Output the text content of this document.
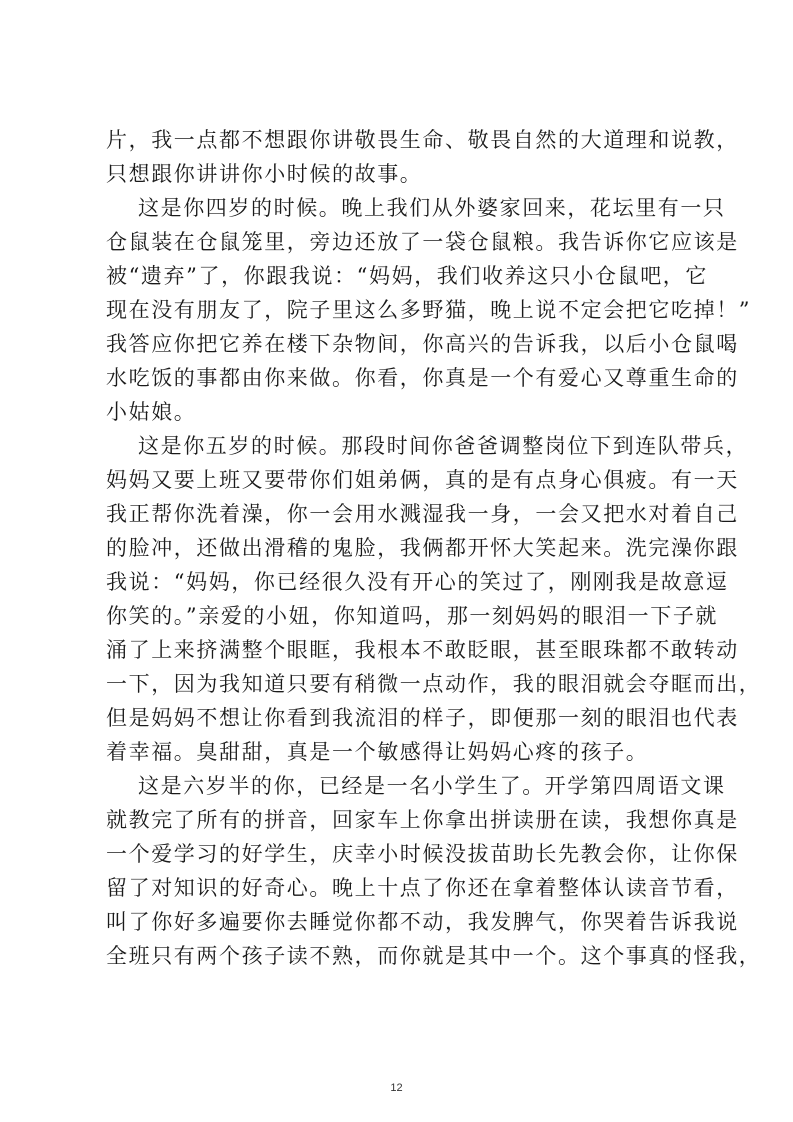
片，我一点都不想跟你讲敬畏生命、敬畏自然的大道理和说教，
只想跟你讲讲你小时候的故事。
这是你四岁的时候。晚上我们从外婆家回来，花坛里有一只
仓鼠装在仓鼠笼里，旁边还放了一袋仓鼠粮。我告诉你它应该是
被“遗弃”了，你跟我说：“妈妈，我们收养这只小仓鼠吧，它
现在没有朋友了，院子里这么多野猫，晚上说不定会把它吃掉！”
我答应你把它养在楼下杂物间，你高兴的告诉我，以后小仓鼠喝
水吃饭的事都由你来做。你看，你真是一个有爱心又尊重生命的
小姑娘。
这是你五岁的时候。那段时间你爸爸调整岗位下到连队带兵，
妈妈又要上班又要带你们姐弟俩，真的是有点身心俱疲。有一天
我正帮你洗着澡，你一会用水溅湿我一身，一会又把水对着自己
的脸冲，还做出滑稽的鬼脸，我俩都开怀大笑起来。洗完澡你跟
我说：“妈妈，你已经很久没有开心的笑过了，刚刚我是故意逗
你笑的。”亲爱的小妞，你知道吗，那一刻妈妈的眼泪一下子就
涌了上来挤满整个眼眶，我根本不敢眨眼，甚至眼珠都不敢转动
一下，因为我知道只要有稍微一点动作，我的眼泪就会夺眶而出，
但是妈妈不想让你看到我流泪的样子，即便那一刻的眼泪也代表
着幸福。臭甜甜，真是一个敏感得让妈妈心疼的孩子。
这是六岁半的你，已经是一名小学生了。开学第四周语文课
就教完了所有的拼音，回家车上你拿出拼读册在读，我想你真是
一个爱学习的好学生，庆幸小时候没拔苗助长先教会你，让你保
留了对知识的好奇心。晚上十点了你还在拿着整体认读音节看，
叫了你好多遍要你去睡觉你都不动，我发脾气，你哭着告诉我说
全班只有两个孩子读不熟，而你就是其中一个。这个事真的怪我，
12
